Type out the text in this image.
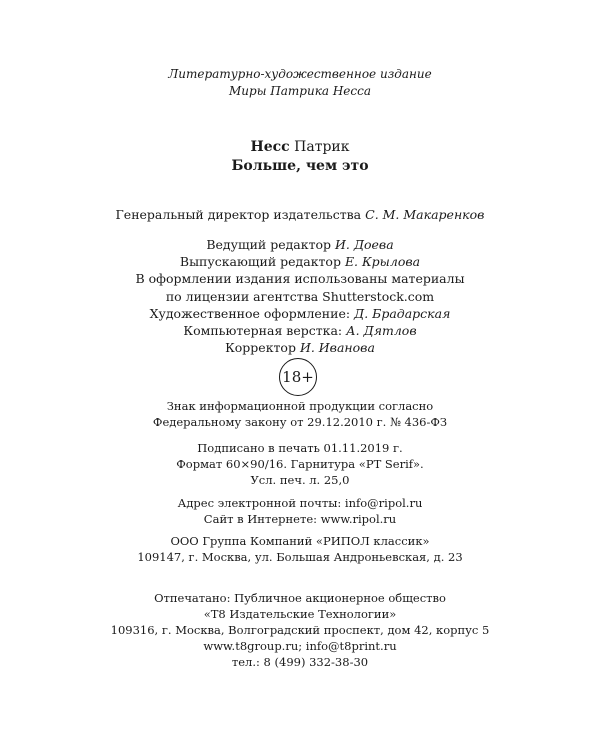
Литературно-художественное издание
Миры Патрика Несса
Несс Патрик
Больше, чем это
Генеральный директор издательства С. М. Макаренков
Ведущий редактор И. Доева
Выпускающий редактор Е. Крылова
В оформлении издания использованы материалы
по лицензии агентства Shutterstock.com
Художественное оформление: Д. Брадарская
Компьютерная верстка: А. Дятлов
Корректор И. Иванова
18+
Знак информационной продукции согласно
Федеральному закону от 29.12.2010 г. № 436-ФЗ
Подписано в печать 01.11.2019 г.
Формат 60×90/16. Гарнитура «PT Serif».
Усл. печ. л. 25,0
Адрес электронной почты: info@ripol.ru
Сайт в Интернете: www.ripol.ru
ООО Группа Компаний «РИПОЛ классик»
109147, г. Москва, ул. Большая Андроньевская, д. 23
Отпечатано: Публичное акционерное общество
«Т8 Издательские Технологии»
109316, г. Москва, Волгоградский проспект, дом 42, корпус 5
www.t8group.ru; info@t8print.ru
тел.: 8 (499) 332-38-30
